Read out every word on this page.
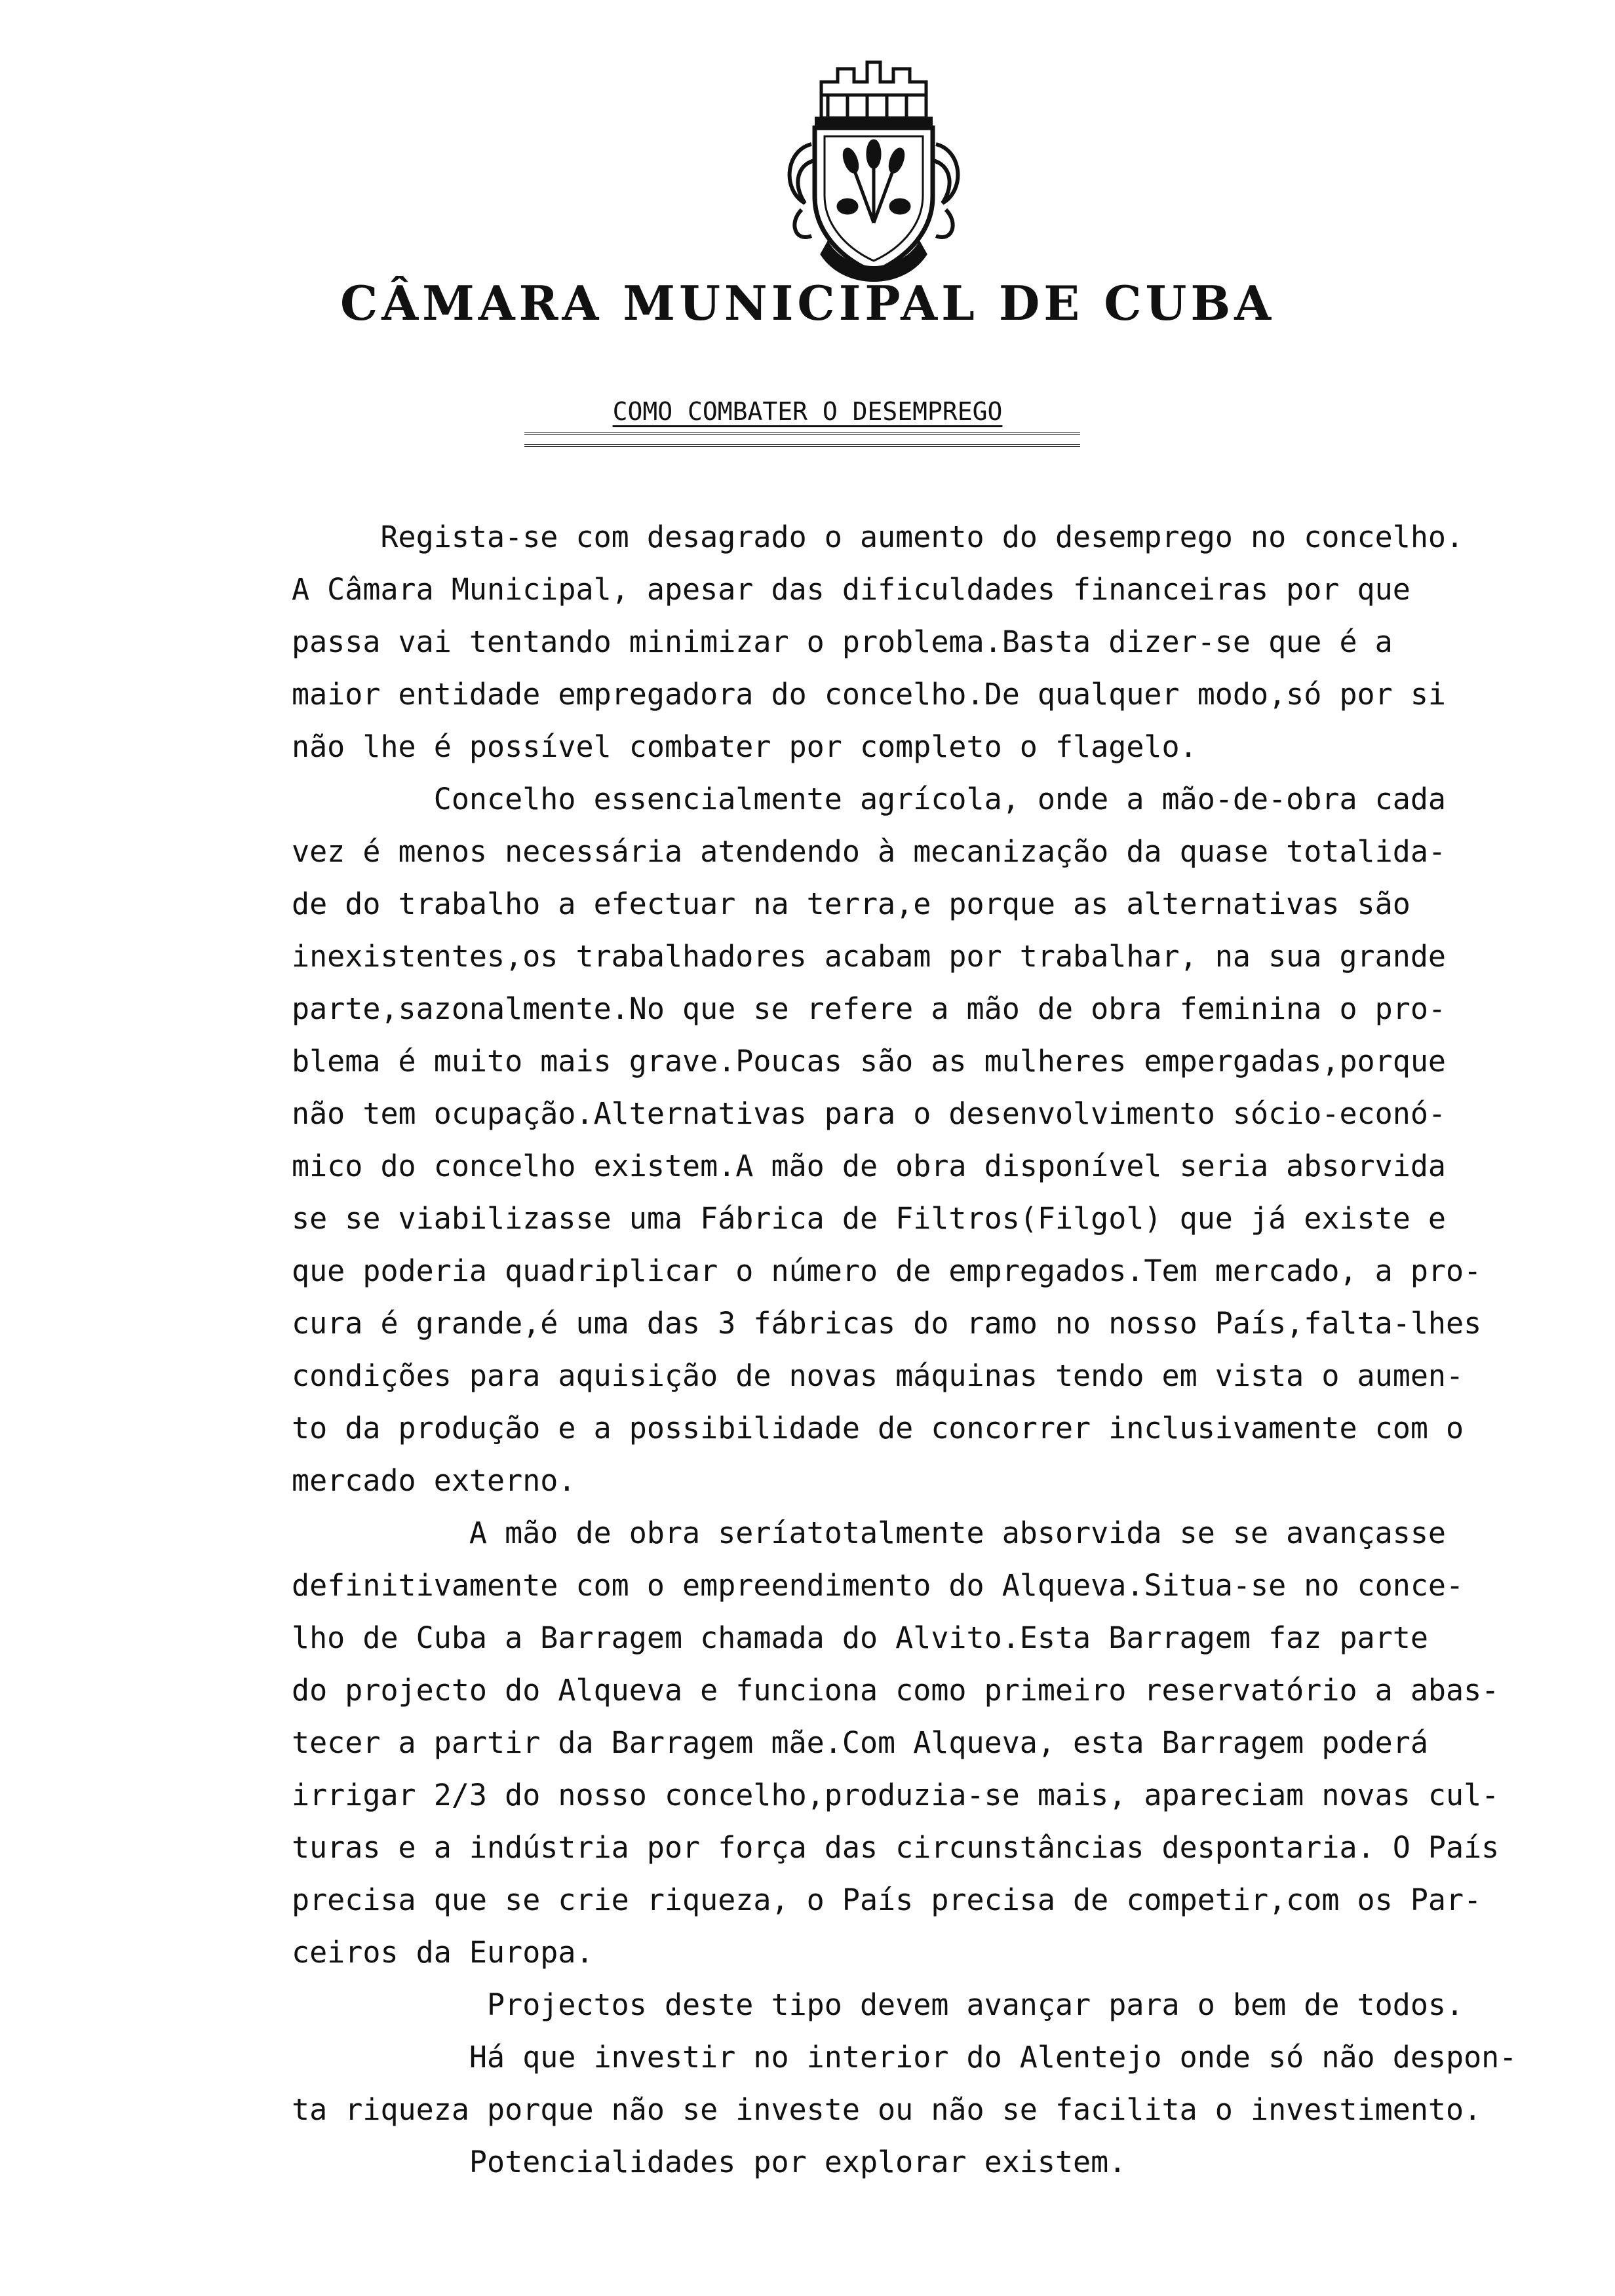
CÂMARA MUNICIPAL DE CUBA
COMO COMBATER O DESEMPREGO
Regista-se com desagrado o aumento do desemprego no concelho.
A Câmara Municipal, apesar das dificuldades financeiras por que
passa vai tentando minimizar o problema.Basta dizer-se que é a
maior entidade empregadora do concelho.De qualquer modo,só por si
não lhe é possível combater por completo o flagelo.
Concelho essencialmente agrícola, onde a mão-de-obra cada
vez é menos necessária atendendo à mecanização da quase totalida-
de do trabalho a efectuar na terra,e porque as alternativas são
inexistentes,os trabalhadores acabam por trabalhar, na sua grande
parte,sazonalmente.No que se refere a mão de obra feminina o pro-
blema é muito mais grave.Poucas são as mulheres empergadas,porque
não tem ocupação.Alternativas para o desenvolvimento sócio-econó-
mico do concelho existem.A mão de obra disponível seria absorvida
se se viabilizasse uma Fábrica de Filtros(Filgol) que já existe e
que poderia quadriplicar o número de empregados.Tem mercado, a pro-
cura é grande,é uma das 3 fábricas do ramo no nosso País,falta-lhes
condições para aquisição de novas máquinas tendo em vista o aumen-
to da produção e a possibilidade de concorrer inclusivamente com o
mercado externo.
A mão de obra seríatotalmente absorvida se se avançasse
definitivamente com o empreendimento do Alqueva.Situa-se no conce-
lho de Cuba a Barragem chamada do Alvito.Esta Barragem faz parte
do projecto do Alqueva e funciona como primeiro reservatório a abas-
tecer a partir da Barragem mãe.Com Alqueva, esta Barragem poderá
irrigar 2/3 do nosso concelho,produzia-se mais, apareciam novas cul-
turas e a indústria por força das circunstâncias despontaria. O País
precisa que se crie riqueza, o País precisa de competir,com os Par-
ceiros da Europa.
Projectos deste tipo devem avançar para o bem de todos.
Há que investir no interior do Alentejo onde só não despon-
ta riqueza porque não se investe ou não se facilita o investimento.
Potencialidades por explorar existem.
